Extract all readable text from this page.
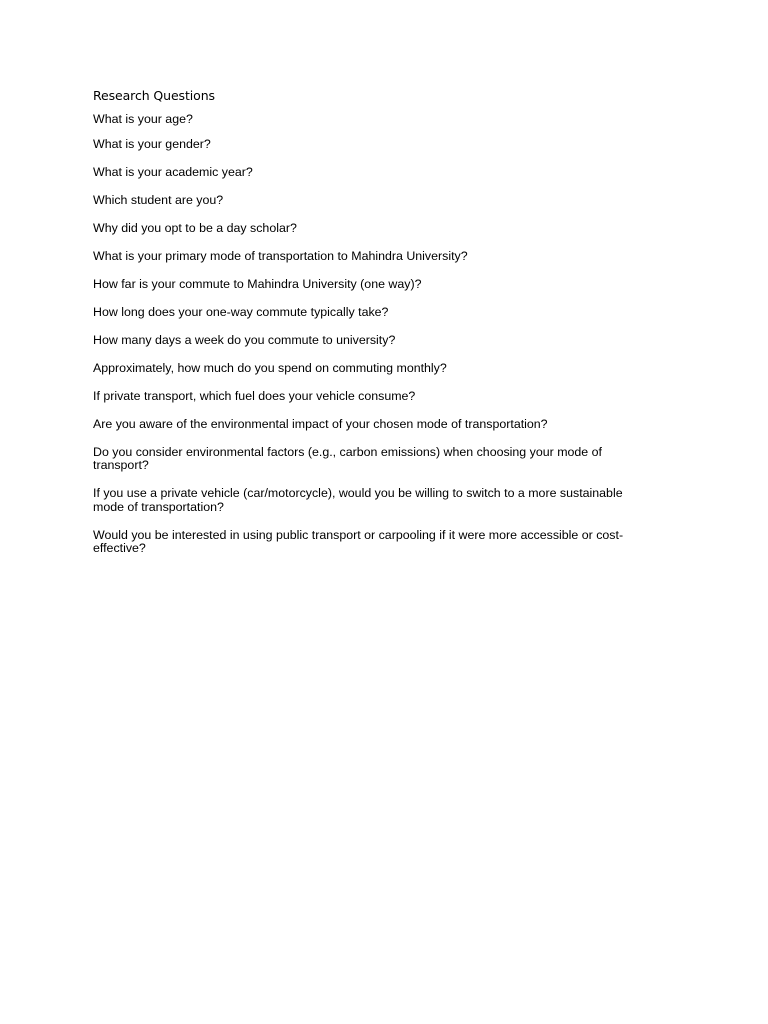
Research Questions
What is your age?
What is your gender?
What is your academic year?
Which student are you?
Why did you opt to be a day scholar?
What is your primary mode of transportation to Mahindra University?
How far is your commute to Mahindra University (one way)?
How long does your one-way commute typically take?
How many days a week do you commute to university?
Approximately, how much do you spend on commuting monthly?
If private transport, which fuel does your vehicle consume?
Are you aware of the environmental impact of your chosen mode of transportation?
Do you consider environmental factors (e.g., carbon emissions) when choosing your mode of transport?
If you use a private vehicle (car/motorcycle), would you be willing to switch to a more sustainable mode of transportation?
Would you be interested in using public transport or carpooling if it were more accessible or cost-effective?
